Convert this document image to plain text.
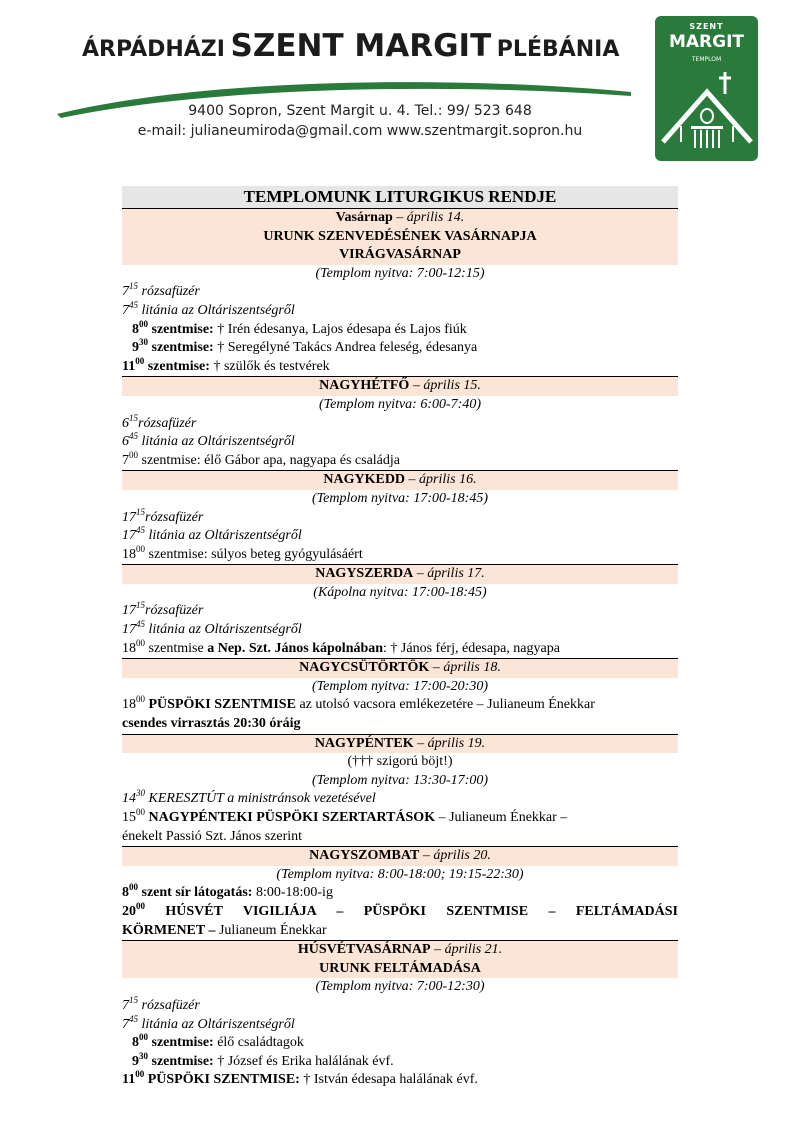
ÁRPÁDHÁZI SZENT MARGIT PLÉBÁNIA
9400 Sopron, Szent Margit u. 4. Tel.: 99/ 523 648
e-mail: julianeumiroda@gmail.com www.szentmargit.sopron.hu
SZENT
MARGIT
TEMPLOM
TEMPLOMUNK LITURGIKUS RENDJE
Vasárnap – április 14.
URUNK SZENVEDÉSÉNEK VASÁRNAPJA
VIRÁGVASÁRNAP
(Templom nyitva: 7:00-12:15)
$7^{15}$ rózsafüzér
$7^{45}$ litánia az Oltáriszentségről
$8^{00}$ szentmise: † Irén édesanya, Lajos édesapa és Lajos fiúk
$9^{30}$ szentmise: † Seregélyné Takács Andrea feleség, édesanya
$11^{00}$ szentmise: † szülők és testvérek
NAGYHÉTFŐ – április 15.
(Templom nyitva: 6:00-7:40)
$6^{15}rózsafüzér$
$6^{45}$ litánia az Oltáriszentségről
$7^{00}$ szentmise: élő Gábor apa, nagyapa és családja
NAGYKEDD – április 16.
(Templom nyitva: 17:00-18:45)
$17^{15}rózsafüzér$
$17^{45}$ litánia az Oltáriszentségről
$18^{00}$ szentmise: súlyos beteg gyógyulásáért
NAGYSZERDA – április 17.
(Kápolna nyitva: 17:00-18:45)
$17^{15}rózsafüzér$
$17^{45}$ litánia az Oltáriszentségről
$18^{00}$ szentmise a Nep. Szt. János kápolnában: † János férj, édesapa, nagyapa
NAGYCSÜTÖRTÖK – április 18.
(Templom nyitva: 17:00-20:30)
$18^{00}$ PÜSPÖKI SZENTMISE az utolsó vacsora emlékezetére – Julianeum Énekkar
csendes virrasztás 20:30 óráig
NAGYPÉNTEK – április 19.
(††† szigorú böjt!)
(Templom nyitva: 13:30-17:00)
$14^{30}$ KERESZTÚT a ministránsok vezetésével
$15^{00}$ NAGYPÉNTEKI PÜSPÖKI SZERTARTÁSOK – Julianeum Énekkar –
énekelt Passió Szt. János szerint
NAGYSZOMBAT – április 20.
(Templom nyitva: 8:00-18:00; 19:15-22:30)
$8^{00}$ szent sír látogatás: 8:00-18:00-ig
$20^{00}$ HÚSVÉT VIGILIÁJA – PÜSPÖKI SZENTMISE – FELTÁMADÁSI
KÖRMENET – Julianeum Énekkar
HÚSVÉTVASÁRNAP – április 21.
URUNK FELTÁMADÁSA
(Templom nyitva: 7:00-12:30)
$7^{15}$ rózsafüzér
$7^{45}$ litánia az Oltáriszentségről
$8^{00}$ szentmise: élő családtagok
$9^{30}$ szentmise: † József és Erika halálának évf.
$11^{00}$ PÜSPÖKI SZENTMISE: † István édesapa halálának évf.
